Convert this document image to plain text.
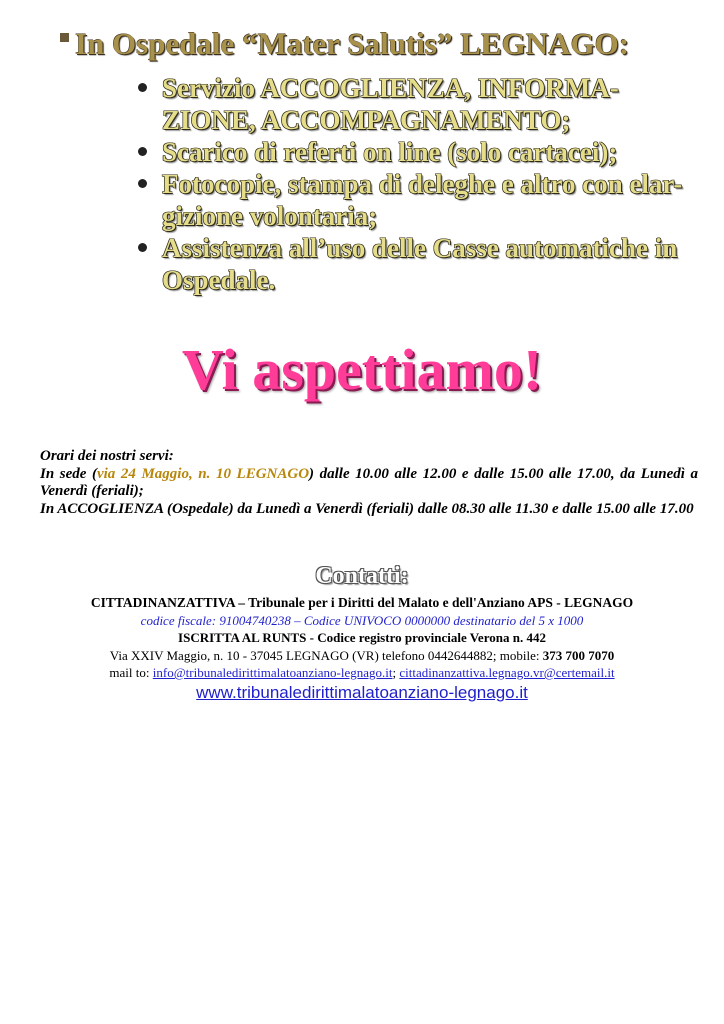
In Ospedale “Mater Salutis” LEGNAGO:
Servizio ACCOGLIENZA, INFORMA-
ZIONE, ACCOMPAGNAMENTO;
Scarico di referti on line (solo cartacei);
Fotocopie, stampa di deleghe e altro con elar-
gizione volontaria;
Assistenza all’uso delle Casse automatiche in
Ospedale.
Vi aspettiamo!

Orari dei nostri servi:

In sede (via 24 Maggio, n. 10 LEGNAGO) dalle 10.00 alle 12.00 e dalle 15.00 alle 17.00, da Lunedì a Venerdì (feriali);

In ACCOGLIENZA (Ospedale) da Lunedì a Venerdì (feriali) dalle 08.30 alle 11.30 e dalle 15.00 alle 17.00

Contatti:
CITTADINANZATTIVA – Tribunale per i Diritti del Malato e dell'Anziano APS - LEGNAGO
codice fiscale: 91004740238 – Codice UNIVOCO 0000000 destinatario del 5 x 1000
ISCRITTA AL RUNTS - Codice registro provinciale Verona n. 442
Via XXIV Maggio, n. 10 - 37045 LEGNAGO (VR) telefono 0442644882; mobile: 373 700 7070
mail to: info@tribunaledirittimalatoanziano-legnago.it; cittadinanzattiva.legnago.vr@certemail.it
www.tribunaledirittimalatoanziano-legnago.it
